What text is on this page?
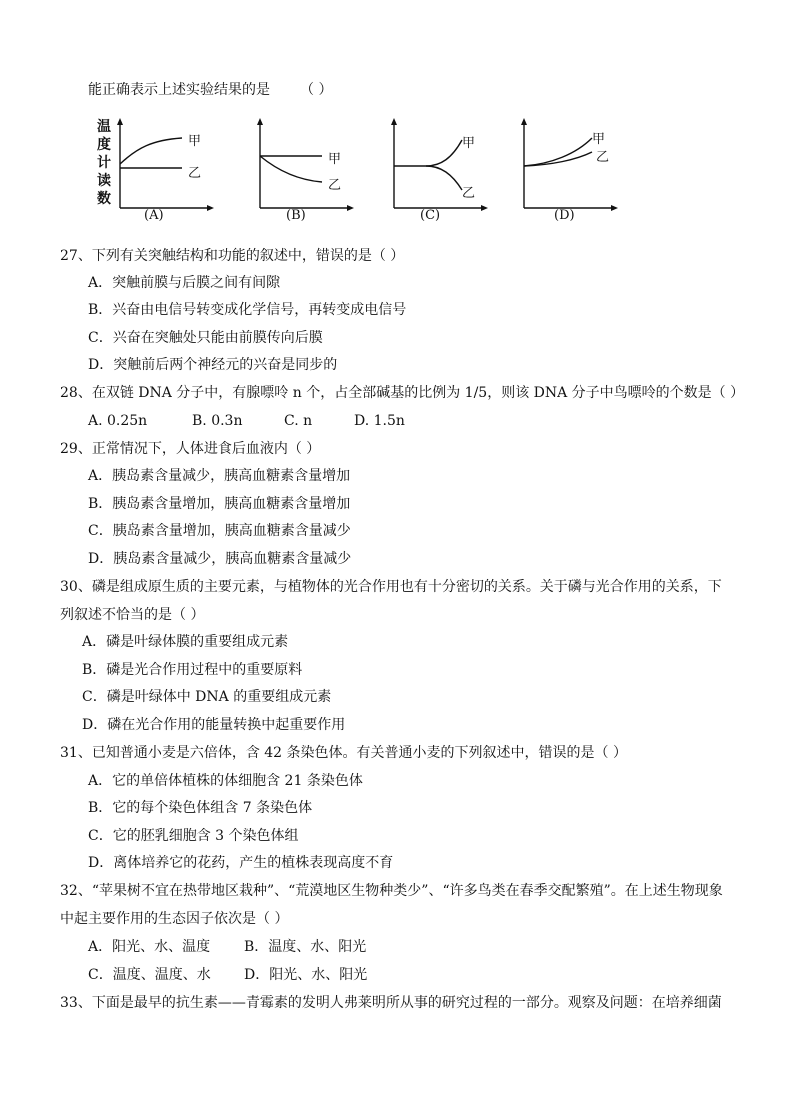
能正确表示上述实验结果的是 （ ）
温
度
计
读
数
甲
乙
(A)
甲
乙
(B)
甲
乙
(C)
甲
乙
(D)
27、下列有关突触结构和功能的叙述中，错误的是（ ）
A．突触前膜与后膜之间有间隙
B．兴奋由电信号转变成化学信号，再转变成电信号
C．兴奋在突触处只能由前膜传向后膜
D．突触前后两个神经元的兴奋是同步的
28、在双链 DNA 分子中，有腺嘌呤 n 个，占全部碱基的比例为 1/5，则该 DNA 分子中鸟嘌呤的个数是（ ）
A. 0.25n	B. 0.3n	C. n	D. 1.5n
29、正常情况下，人体进食后血液内（ ）
A．胰岛素含量减少，胰高血糖素含量增加
B．胰岛素含量增加，胰高血糖素含量增加
C．胰岛素含量增加，胰高血糖素含量减少
D．胰岛素含量减少，胰高血糖素含量减少
30、磷是组成原生质的主要元素，与植物体的光合作用也有十分密切的关系。关于磷与光合作用的关系，下
列叙述不恰当的是（ ）
A．磷是叶绿体膜的重要组成元素
B．磷是光合作用过程中的重要原料
C．磷是叶绿体中 DNA 的重要组成元素
D．磷在光合作用的能量转换中起重要作用
31、已知普通小麦是六倍体，含 42 条染色体。有关普通小麦的下列叙述中，错误的是（ ）
A．它的单倍体植株的体细胞含 21 条染色体
B．它的每个染色体组含 7 条染色体
C．它的胚乳细胞含 3 个染色体组
D．离体培养它的花药，产生的植株表现高度不育
32、“苹果树不宜在热带地区栽种”、“荒漠地区生物种类少”、“许多鸟类在春季交配繁殖”。在上述生物现象
中起主要作用的生态因子依次是（ ）
A．阳光、水、温度 B．温度、水、阳光
C．温度、温度、水 D．阳光、水、阳光
33、下面是最早的抗生素——青霉素的发明人弗莱明所从事的研究过程的一部分。观察及问题：在培养细菌
